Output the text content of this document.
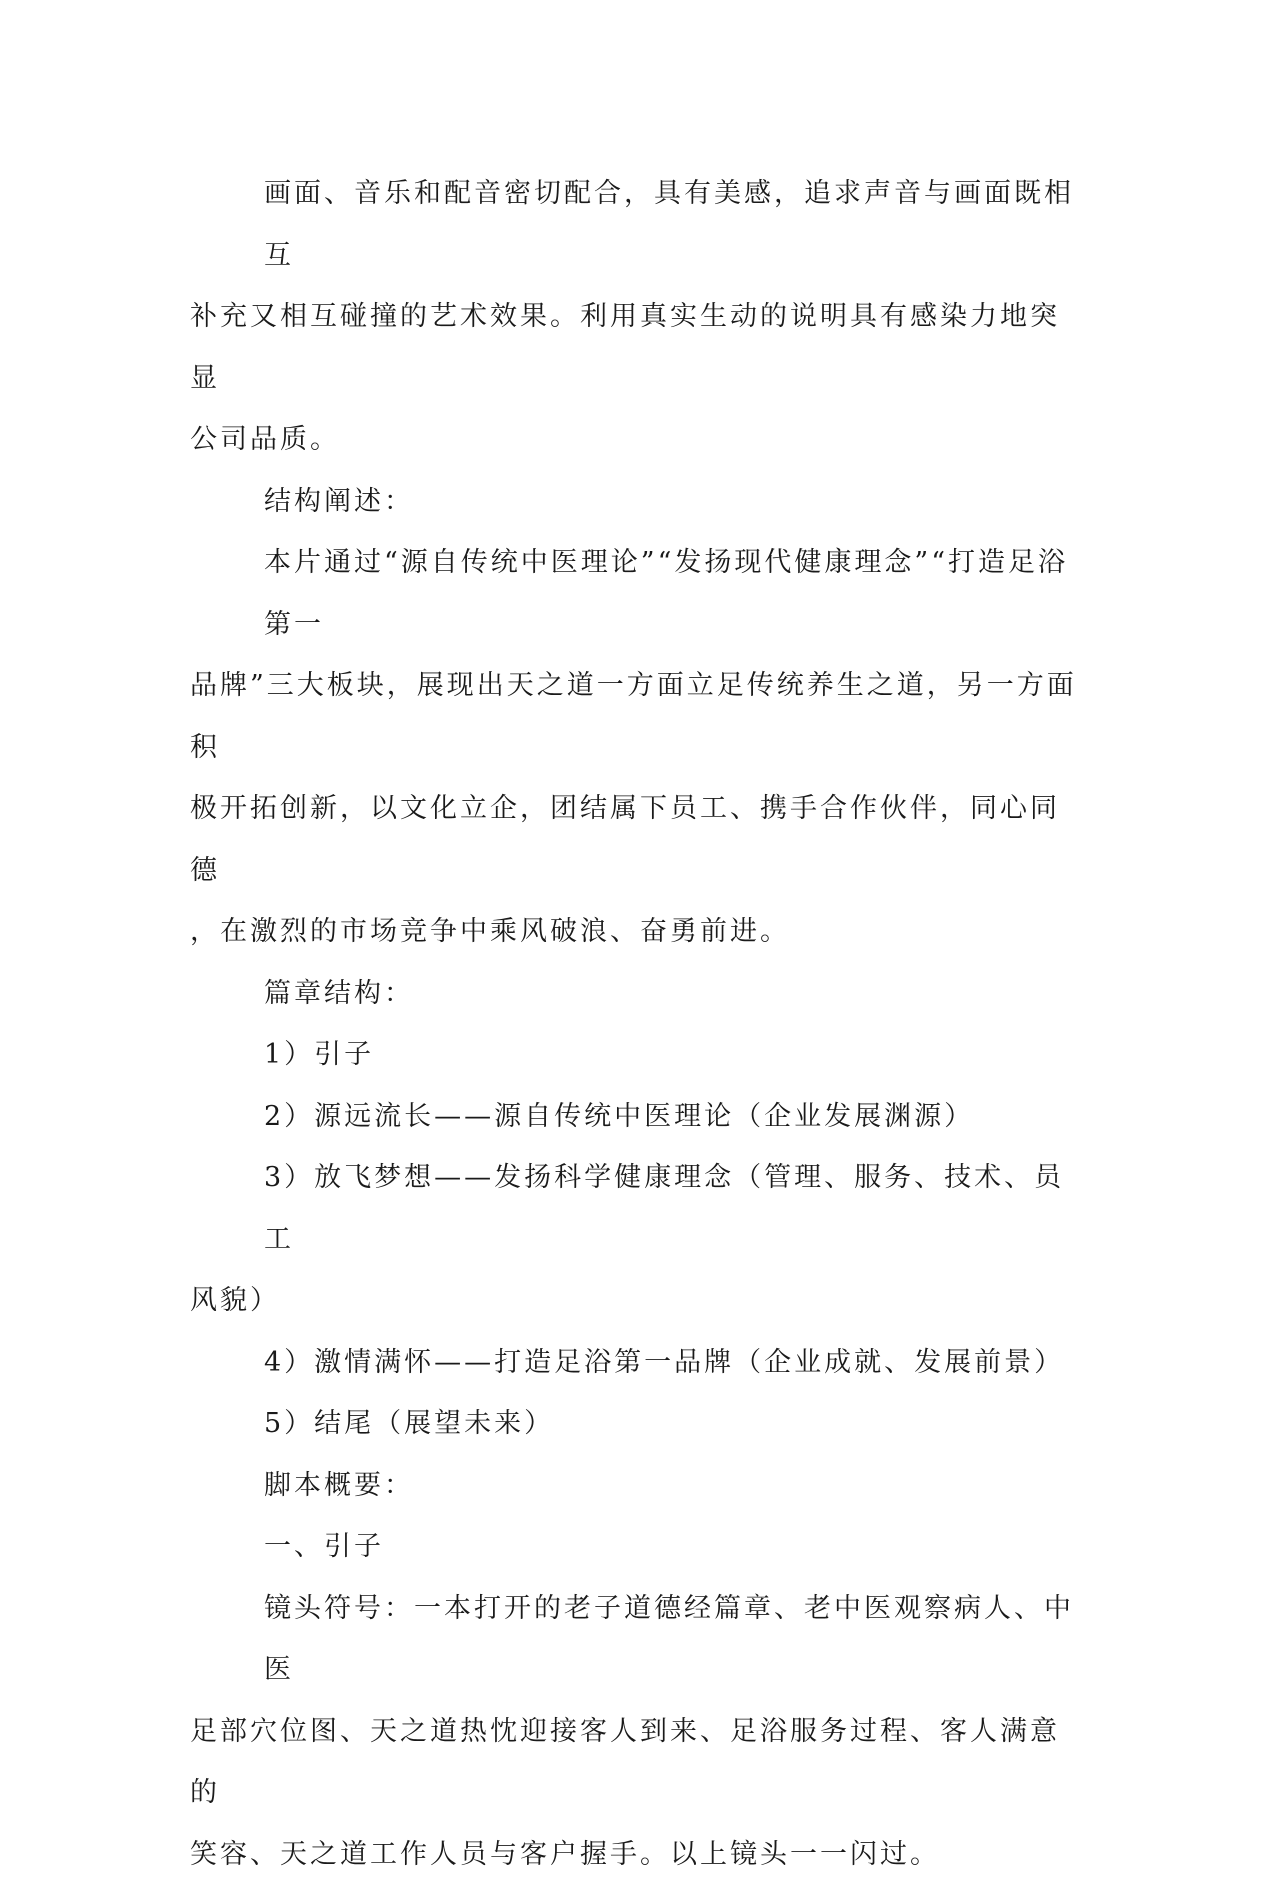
画面、音乐和配音密切配合，具有美感，追求声音与画面既相互
补充又相互碰撞的艺术效果。利用真实生动的说明具有感染力地突显
公司品质。
结构阐述：
本片通过“源自传统中医理论”“发扬现代健康理念”“打造足浴第一
品牌”三大板块，展现出天之道一方面立足传统养生之道，另一方面积
极开拓创新，以文化立企，团结属下员工、携手合作伙伴，同心同德
，在激烈的市场竞争中乘风破浪、奋勇前进。
篇章结构：
1）引子
2）源远流长——源自传统中医理论（企业发展渊源）
3）放飞梦想——发扬科学健康理念（管理、服务、技术、员工
风貌）
4）激情满怀——打造足浴第一品牌（企业成就、发展前景）
5）结尾（展望未来）
脚本概要：
一、引子
镜头符号：一本打开的老子道德经篇章、老中医观察病人、中医
足部穴位图、天之道热忱迎接客人到来、足浴服务过程、客人满意的
笑容、天之道工作人员与客户握手。以上镜头一一闪过。
